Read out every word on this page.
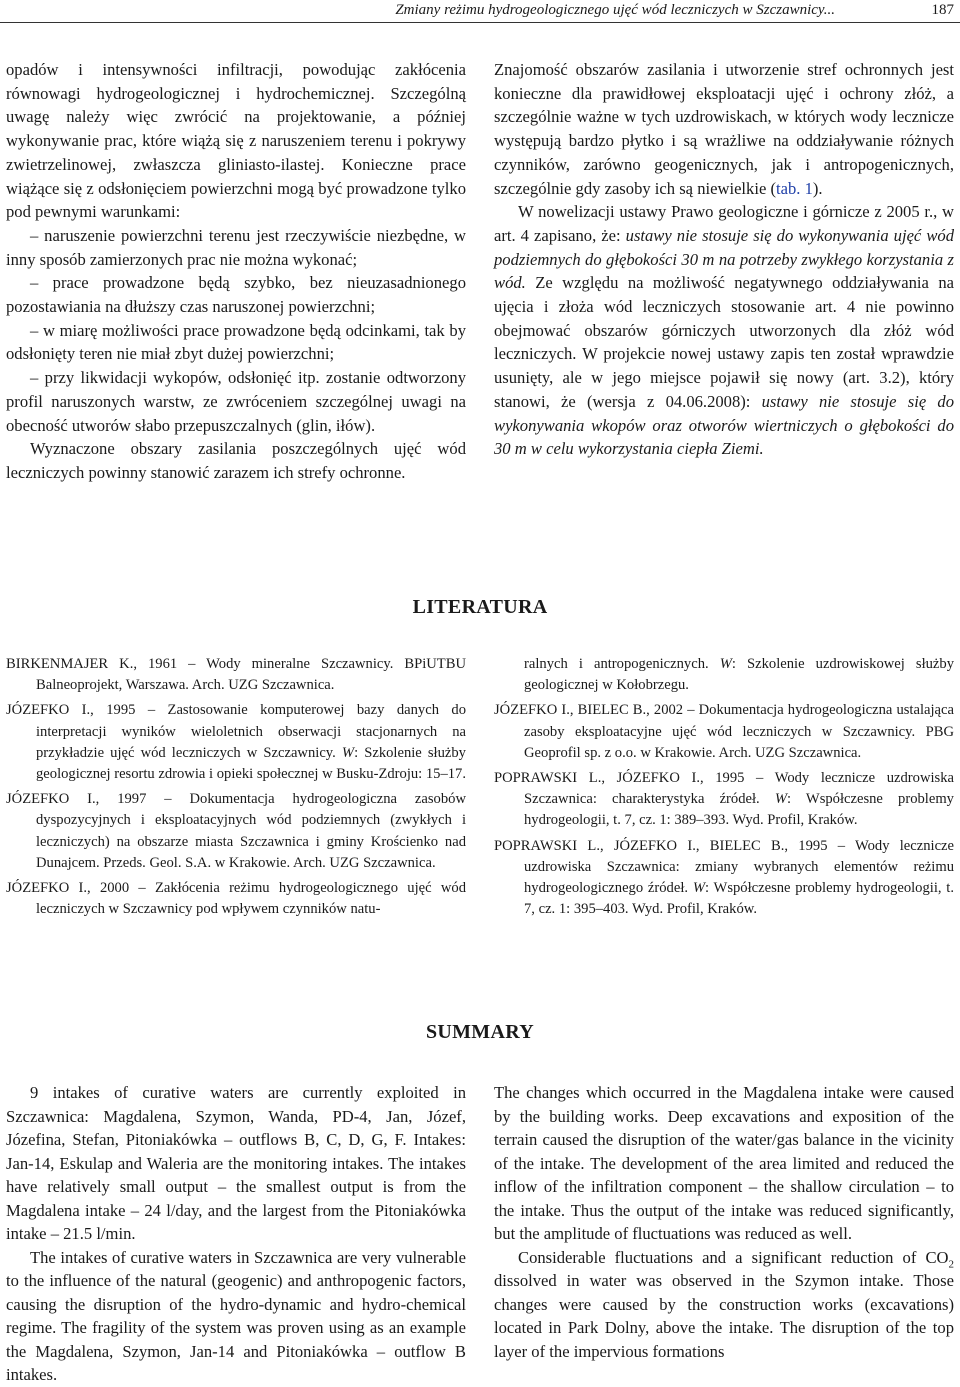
Zmiany reżimu hydrogeologicznego ujęć wód leczniczych w Szczawnicy...	187

opadów i intensywności infiltracji, powodując zakłócenia równowagi hydrogeologicznej i hydrochemicznej. Szczególną uwagę należy więc zwrócić na projektowanie, a później wykonywanie prac, które wiążą się z naruszeniem terenu i pokrywy zwietrzelinowej, zwłaszcza gliniasto-ilastej. Konieczne prace wiążące się z odsłonięciem powierzchni mogą być prowadzone tylko pod pewnymi warunkami:

– naruszenie powierzchni terenu jest rzeczywiście niezbędne, w inny sposób zamierzonych prac nie można wykonać;

– prace prowadzone będą szybko, bez nieuzasadnionego pozostawiania na dłuższy czas naruszonej powierzchni;

– w miarę możliwości prace prowadzone będą odcinkami, tak by odsłonięty teren nie miał zbyt dużej powierzchni;

– przy likwidacji wykopów, odsłonięć itp. zostanie odtworzony profil naruszonych warstw, ze zwróceniem szczególnej uwagi na obecność utworów słabo przepuszczalnych (glin, iłów).

Wyznaczone obszary zasilania poszczególnych ujęć wód leczniczych powinny stanowić zarazem ich strefy ochronne.

Znajomość obszarów zasilania i utworzenie stref ochronnych jest konieczne dla prawidłowej eksploatacji ujęć i ochrony złóż, a szczególnie ważne w tych uzdrowiskach, w których wody lecznicze występują bardzo płytko i są wrażliwe na oddziaływanie różnych czynników, zarówno geogenicznych, jak i antropogenicznych, szczególnie gdy zasoby ich są niewielkie (tab. 1).

W nowelizacji ustawy Prawo geologiczne i górnicze z 2005 r., w art. 4 zapisano, że: ustawy nie stosuje się do wykonywania ujęć wód podziemnych do głębokości 30 m na potrzeby zwykłego korzystania z wód. Ze względu na możliwość negatywnego oddziaływania na ujęcia i złoża wód leczniczych stosowanie art. 4 nie powinno obejmować obszarów górniczych utworzonych dla złóż wód leczniczych. W projekcie nowej ustawy zapis ten został wprawdzie usunięty, ale w jego miejsce pojawił się nowy (art. 3.2), który stanowi, że (wersja z 04.06.2008): ustawy nie stosuje się do wykonywania wkopów oraz otworów wiertniczych o głębokości do 30 m w celu wykorzystania ciepła Ziemi.

LITERATURA

BIRKENMAJER K., 1961 – Wody mineralne Szczawnicy. BPiUTBU Balneoprojekt, Warszawa. Arch. UZG Szczawnica.

JÓZEFKO I., 1995 – Zastosowanie komputerowej bazy danych do interpretacji wyników wieloletnich obserwacji stacjonarnych na przykładzie ujęć wód leczniczych w Szczawnicy. W: Szkolenie służby geologicznej resortu zdrowia i opieki społecznej w Busku-Zdroju: 15–17.

JÓZEFKO I., 1997 – Dokumentacja hydrogeologiczna zasobów dyspozycyjnych i eksploatacyjnych wód podziemnych (zwykłych i leczniczych) na obszarze miasta Szczawnica i gminy Krościenko nad Dunajcem. Przeds. Geol. S.A. w Krakowie. Arch. UZG Szczawnica.

JÓZEFKO I., 2000 – Zakłócenia reżimu hydrogeologicznego ujęć wód leczniczych w Szczawnicy pod wpływem czynników natu-

ralnych i antropogenicznych. W: Szkolenie uzdrowiskowej służby geologicznej w Kołobrzegu.

JÓZEFKO I., BIELEC B., 2002 – Dokumentacja hydrogeologiczna ustalająca zasoby eksploatacyjne ujęć wód leczniczych w Szczawnicy. PBG Geoprofil sp. z o.o. w Krakowie. Arch. UZG Szczawnica.

POPRAWSKI L., JÓZEFKO I., 1995 – Wody lecznicze uzdrowiska Szczawnica: charakterystyka źródeł. W: Współczesne problemy hydrogeologii, t. 7, cz. 1: 389–393. Wyd. Profil, Kraków.

POPRAWSKI L., JÓZEFKO I., BIELEC B., 1995 – Wody lecznicze uzdrowiska Szczawnica: zmiany wybranych elementów reżimu hydrogeologicznego źródeł. W: Współczesne problemy hydrogeologii, t. 7, cz. 1: 395–403. Wyd. Profil, Kraków.

SUMMARY

9 intakes of curative waters are currently exploited in Szczawnica: Magdalena, Szymon, Wanda, PD-4, Jan, Józef, Józefina, Stefan, Pitoniakówka – outflows B, C, D, G, F. Intakes: Jan-14, Eskulap and Waleria are the monitoring intakes. The intakes have relatively small output – the smallest output is from the Magdalena intake – 24 l/day, and the largest from the Pitoniakówka intake – 21.5 l/min.

The intakes of curative waters in Szczawnica are very vulnerable to the influence of the natural (geogenic) and anthropogenic factors, causing the disruption of the hydro-dynamic and hydro-chemical regime. The fragility of the system was proven using as an example the Magdalena, Szymon, Jan-14 and Pitoniakówka – outflow B intakes.

The changes which occurred in the Magdalena intake were caused by the building works. Deep excavations and exposition of the terrain caused the disruption of the water/gas balance in the vicinity of the intake. The development of the area limited and reduced the inflow of the infiltration component – the shallow circulation – to the intake. Thus the output of the intake was reduced significantly, but the amplitude of fluctuations was reduced as well.

Considerable fluctuations and a significant reduction of $CO_2$ dissolved in water was observed in the Szymon intake. Those changes were caused by the construction works (excavations) located in Park Dolny, above the intake. The disruption of the top layer of the impervious formations
